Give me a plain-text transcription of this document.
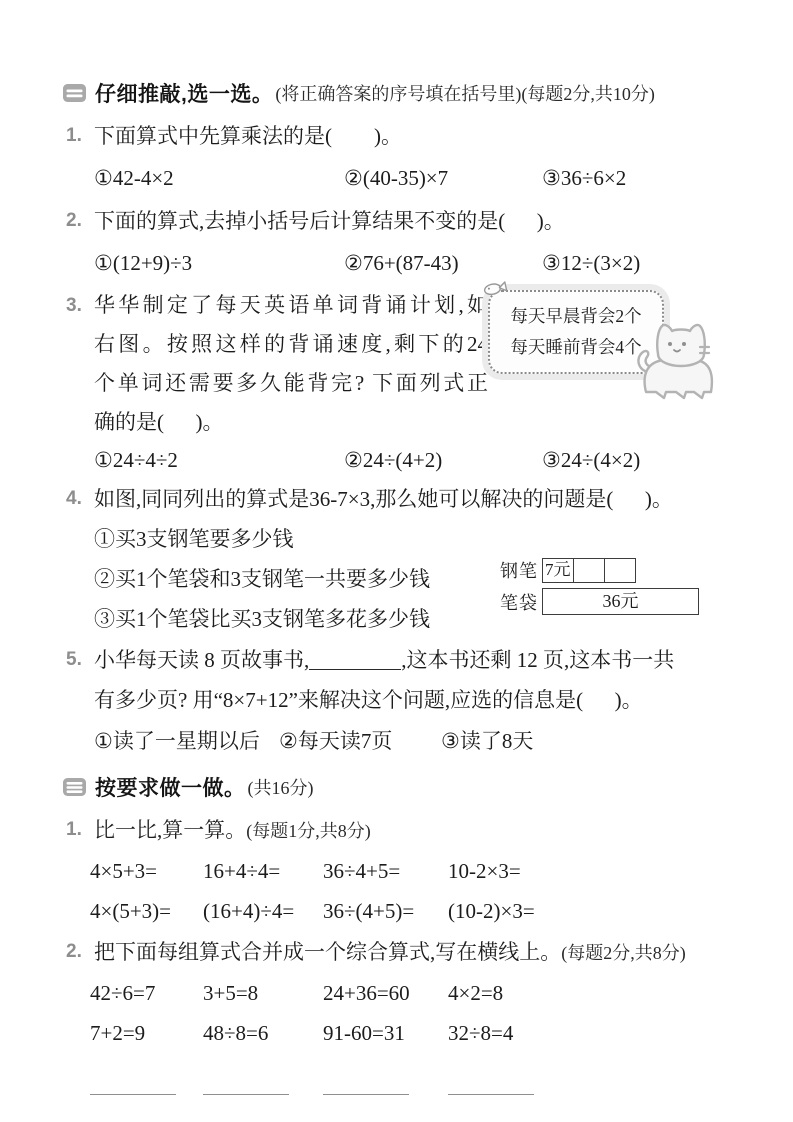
仔细推敲,选一选。 (将正确答案的序号填在括号里)(每题2分,共10分)
1. 下面算式中先算乘法的是(        )。
①42-4×2	②(40-35)×7	③36÷6×2
2. 下面的算式,去掉小括号后计算结果不变的是(      )。
①(12+9)÷3	②76+(87-43)	③12÷(3×2)
3. 华华制定了每天英语单词背诵计划,如
右图。按照这样的背诵速度,剩下的24
个单词还需要多久能背完? 下面列式正
确的是(      )。
每天早晨背会2个
每天睡前背会4个
①24÷4÷2	②24÷(4+2)	③24÷(4×2)
4. 如图,同同列出的算式是36-7×3,那么她可以解决的问题是(      )。
①买3支钢笔要多少钱
②买1个笔袋和3支钢笔一共要多少钱
③买1个笔袋比买3支钢笔多花多少钱
钢笔 7元
笔袋	36元
5. 小华每天读 8 页故事书,	,这本书还剩 12 页,这本书一共
有多少页? 用“8×7+12”来解决这个问题,应选的信息是(      )。
①读了一星期以后 ②每天读7页	③读了8天
按要求做一做。 (共16分)
1. 比一比,算一算。(每题1分,共8分)
4×5+3=	16+4÷4=	36÷4+5=	10-2×3=
4×(5+3)=	(16+4)÷4=	36÷(4+5)=	(10-2)×3=
2. 把下面每组算式合并成一个综合算式,写在横线上。(每题2分,共8分)
42÷6=7	3+5=8	24+36=60	4×2=8
7+2=9	48÷8=6	91-60=31	32÷8=4
